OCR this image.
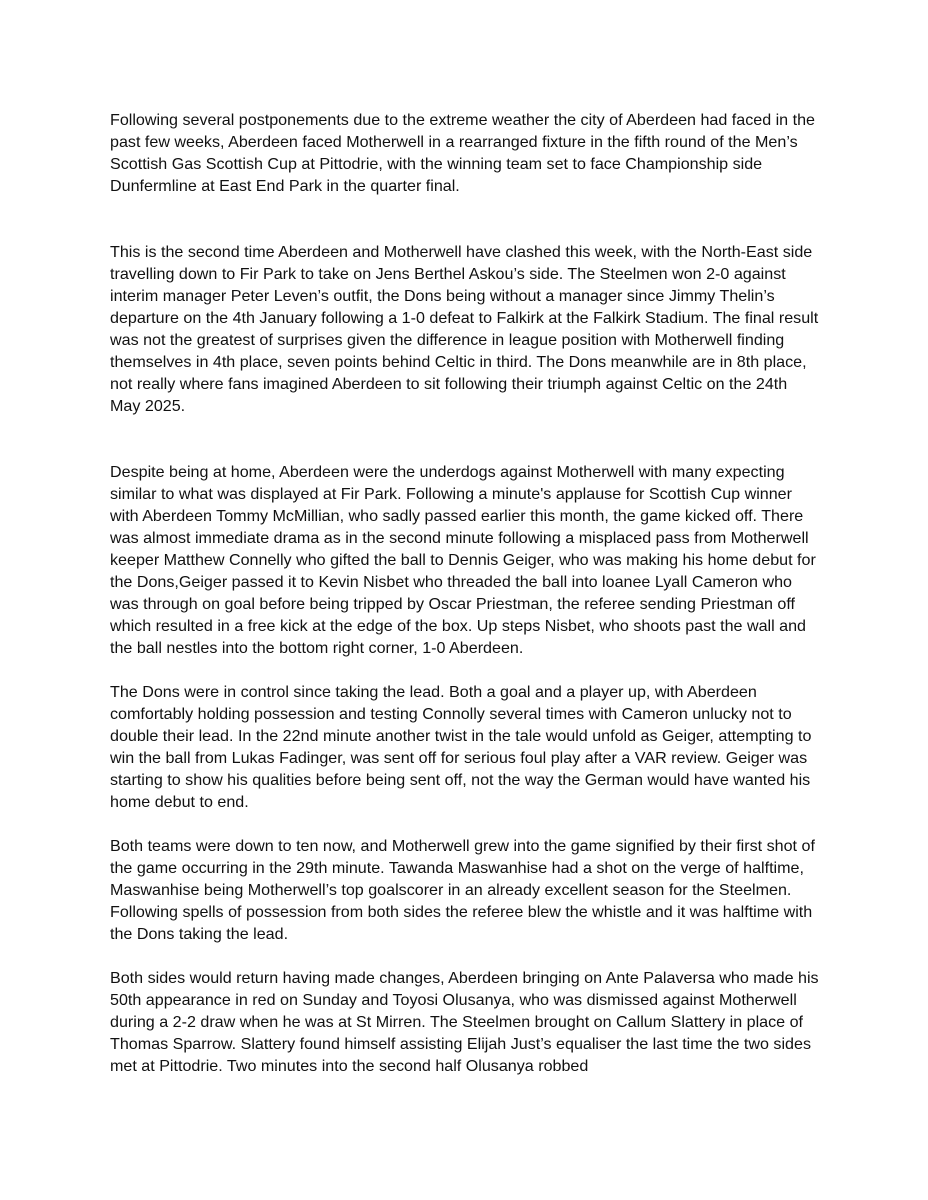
Following several postponements due to the extreme weather the city of Aberdeen had faced in the past few weeks, Aberdeen faced Motherwell in a rearranged fixture in the fifth round of the Men’s Scottish Gas Scottish Cup at Pittodrie, with the winning team set to face Championship side Dunfermline at East End Park in the quarter final.

This is the second time Aberdeen and Motherwell have clashed this week, with the North-East side travelling down to Fir Park to take on Jens Berthel Askou’s side. The Steelmen won 2-0 against interim manager Peter Leven’s outfit, the Dons being without a manager since Jimmy Thelin’s departure on the 4th January following a 1-0 defeat to Falkirk at the Falkirk Stadium. The final result was not the greatest of surprises given the difference in league position with Motherwell finding themselves in 4th place, seven points behind Celtic in third. The Dons meanwhile are in 8th place, not really where fans imagined Aberdeen to sit following their triumph against Celtic on the 24th May 2025.

Despite being at home, Aberdeen were the underdogs against Motherwell with many expecting similar to what was displayed at Fir Park. Following a minute's applause for Scottish Cup winner with Aberdeen Tommy McMillian, who sadly passed earlier this month, the game kicked off. There was almost immediate drama as in the second minute following a misplaced pass from Motherwell keeper Matthew Connelly who gifted the ball to Dennis Geiger, who was making his home debut for the Dons,Geiger passed it to Kevin Nisbet who threaded the ball into loanee Lyall Cameron who was through on goal before being tripped by Oscar Priestman, the referee sending Priestman off which resulted in a free kick at the edge of the box. Up steps Nisbet, who shoots past the wall and the ball nestles into the bottom right corner, 1-0 Aberdeen.

The Dons were in control since taking the lead. Both a goal and a player up, with Aberdeen comfortably holding possession and testing Connolly several times with Cameron unlucky not to double their lead. In the 22nd minute another twist in the tale would unfold as Geiger, attempting to win the ball from Lukas Fadinger, was sent off for serious foul play after a VAR review. Geiger was starting to show his qualities before being sent off, not the way the German would have wanted his home debut to end.

Both teams were down to ten now, and Motherwell grew into the game signified by their first shot of the game occurring in the 29th minute. Tawanda Maswanhise had a shot on the verge of halftime, Maswanhise being Motherwell’s top goalscorer in an already excellent season for the Steelmen. Following spells of possession from both sides the referee blew the whistle and it was halftime with the Dons taking the lead.

Both sides would return having made changes, Aberdeen bringing on Ante Palaversa who made his 50th appearance in red on Sunday and Toyosi Olusanya, who was dismissed against Motherwell during a 2-2 draw when he was at St Mirren. The Steelmen brought on Callum Slattery in place of Thomas Sparrow. Slattery found himself assisting Elijah Just’s equaliser the last time the two sides met at Pittodrie. Two minutes into the second half Olusanya robbed
